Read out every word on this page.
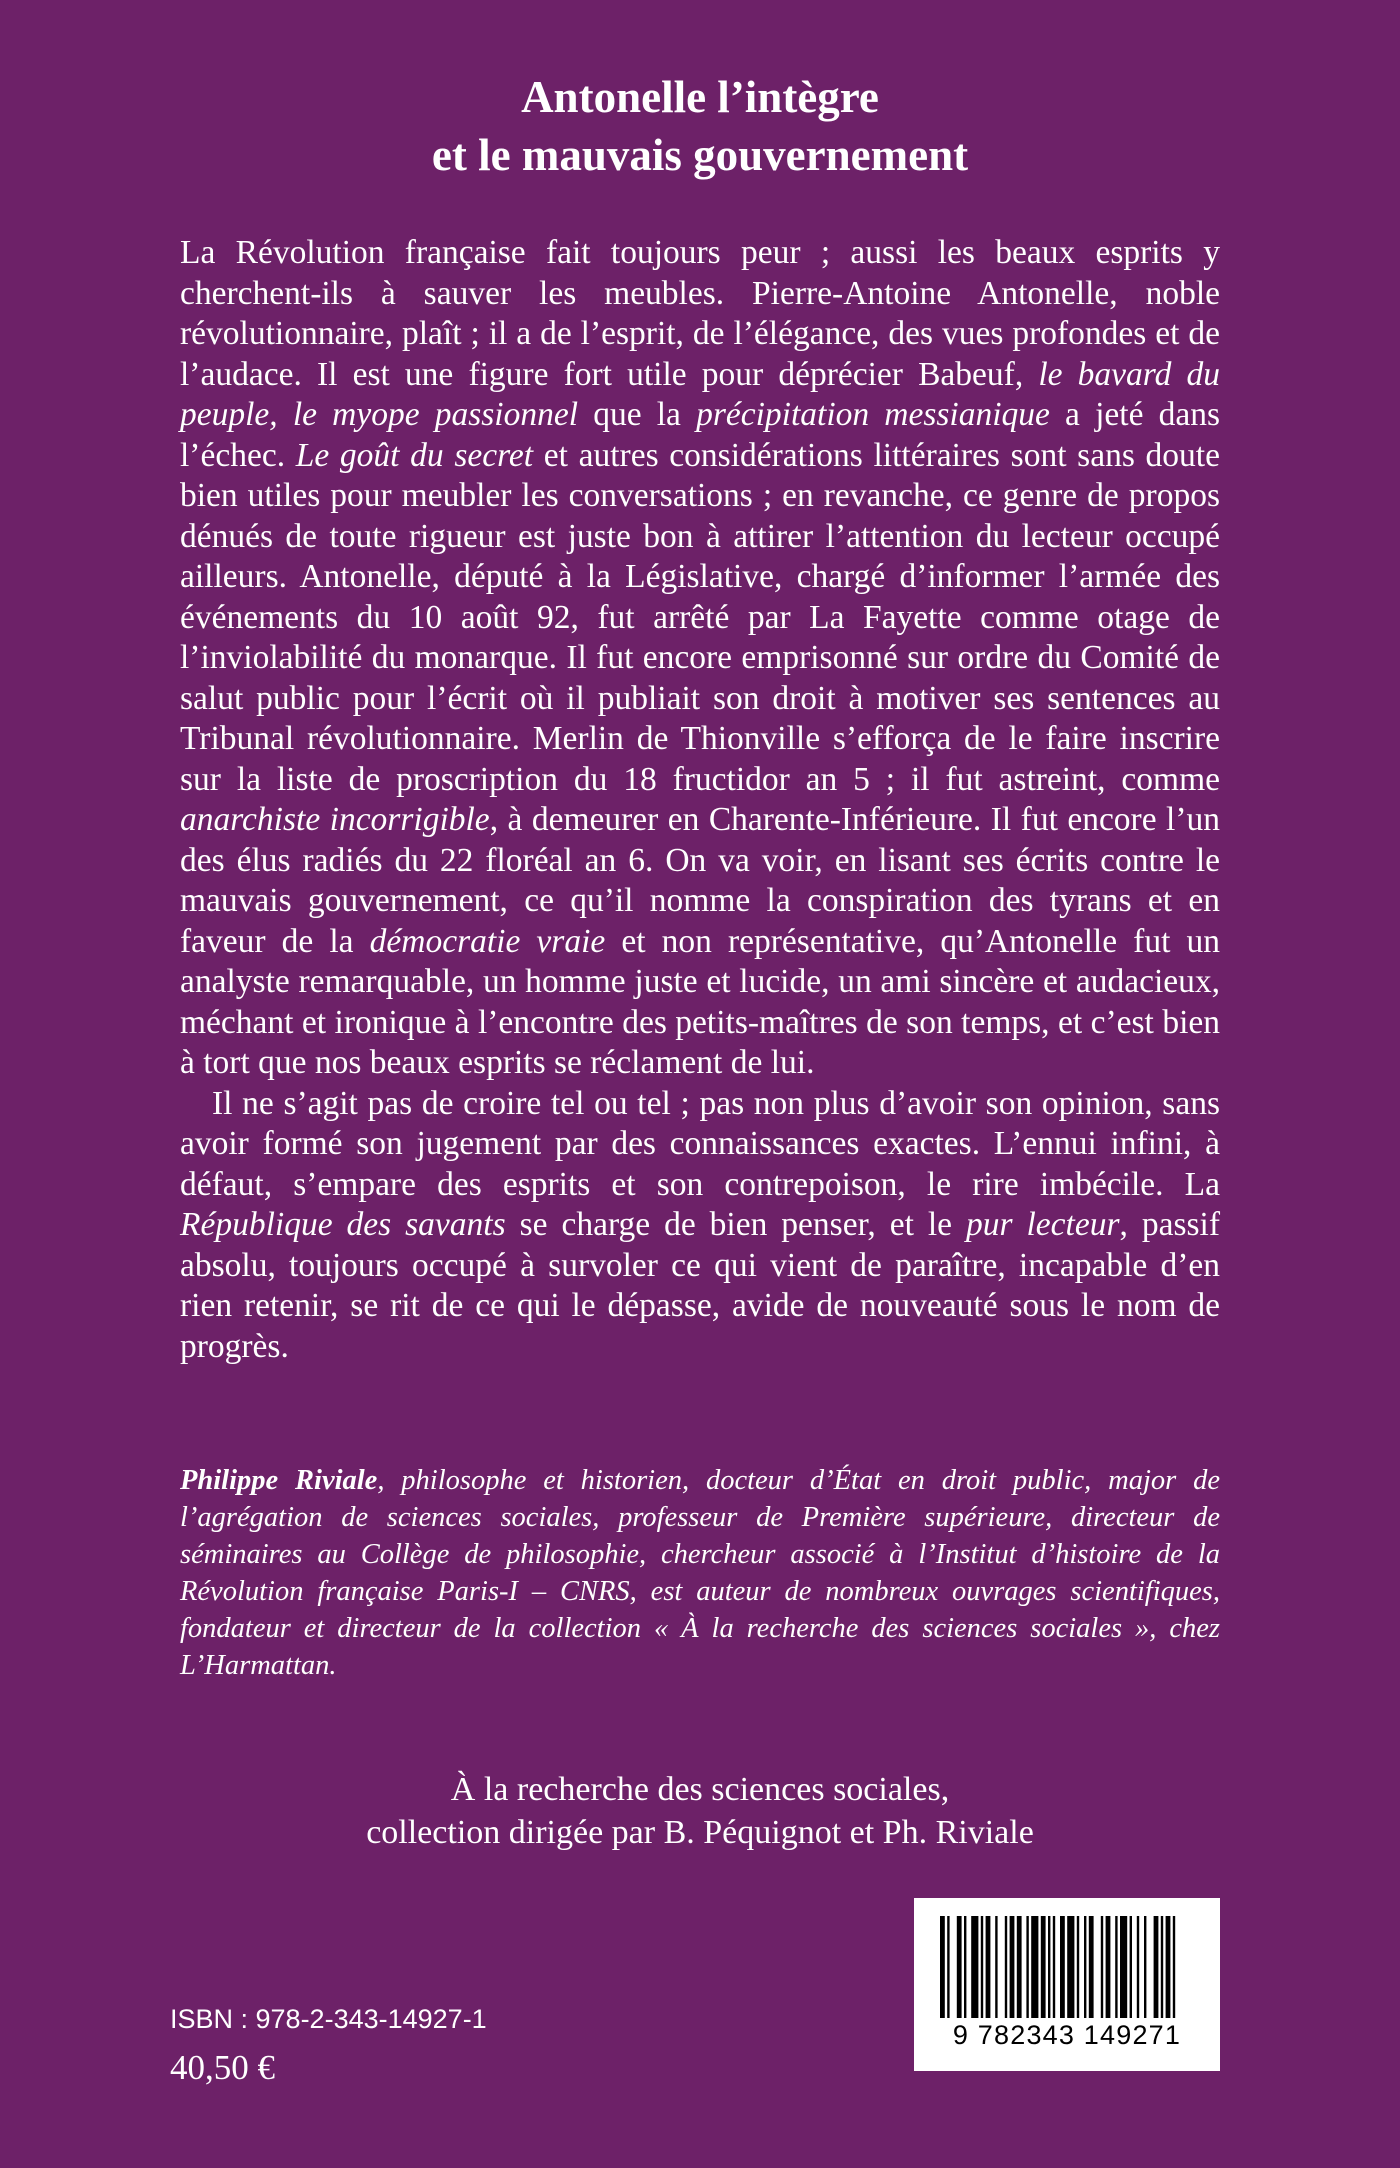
Antonelle l’intègre
et le mauvais gouvernement

La Révolution française fait toujours peur ; aussi les beaux esprits y cherchent-ils à sauver les meubles. Pierre-Antoine Antonelle, noble révolutionnaire, plaît ; il a de l’esprit, de l’élégance, des vues profondes et de l’audace. Il est une figure fort utile pour déprécier Babeuf, le bavard du peuple, le myope passionnel que la précipitation messianique a jeté dans l’échec. Le goût du secret et autres considérations littéraires sont sans doute bien utiles pour meubler les conversations ; en revanche, ce genre de propos dénués de toute rigueur est juste bon à attirer l’attention du lecteur occupé ailleurs. Antonelle, député à la Législative, chargé d’informer l’armée des événements du 10 août 92, fut arrêté par La Fayette comme otage de l’inviolabilité du monarque. Il fut encore emprisonné sur ordre du Comité de salut public pour l’écrit où il publiait son droit à motiver ses sentences au Tribunal révolutionnaire. Merlin de Thionville s’efforça de le faire inscrire sur la liste de proscription du 18 fructidor an 5 ; il fut astreint, comme anarchiste incorrigible, à demeurer en Charente-Inférieure. Il fut encore l’un des élus radiés du 22 floréal an 6. On va voir, en lisant ses écrits contre le mauvais gouvernement, ce qu’il nomme la conspiration des tyrans et en faveur de la démocratie vraie et non représentative, qu’Antonelle fut un analyste remarquable, un homme juste et lucide, un ami sincère et audacieux, méchant et ironique à l’encontre des petits-maîtres de son temps, et c’est bien à tort que nos beaux esprits se réclament de lui.

Il ne s’agit pas de croire tel ou tel ; pas non plus d’avoir son opinion, sans avoir formé son jugement par des connaissances exactes. L’ennui infini, à défaut, s’empare des esprits et son contrepoison, le rire imbécile. La République des savants se charge de bien penser, et le pur lecteur, passif absolu, toujours occupé à survoler ce qui vient de paraître, incapable d’en rien retenir, se rit de ce qui le dépasse, avide de nouveauté sous le nom de progrès.

Philippe Riviale, philosophe et historien, docteur d’État en droit public, major de l’agrégation de sciences sociales, professeur de Première supérieure, directeur de séminaires au Collège de philosophie, chercheur associé à l’Institut d’histoire de la Révolution française Paris-I – CNRS, est auteur de nombreux ouvrages scientifiques, fondateur et directeur de la collection « À la recherche des sciences sociales », chez L’Harmattan.

À la recherche des sciences sociales,
collection dirigée par B. Péquignot et Ph. Riviale
9 782343 149271
ISBN : 978-2-343-14927-1
40,50 €
